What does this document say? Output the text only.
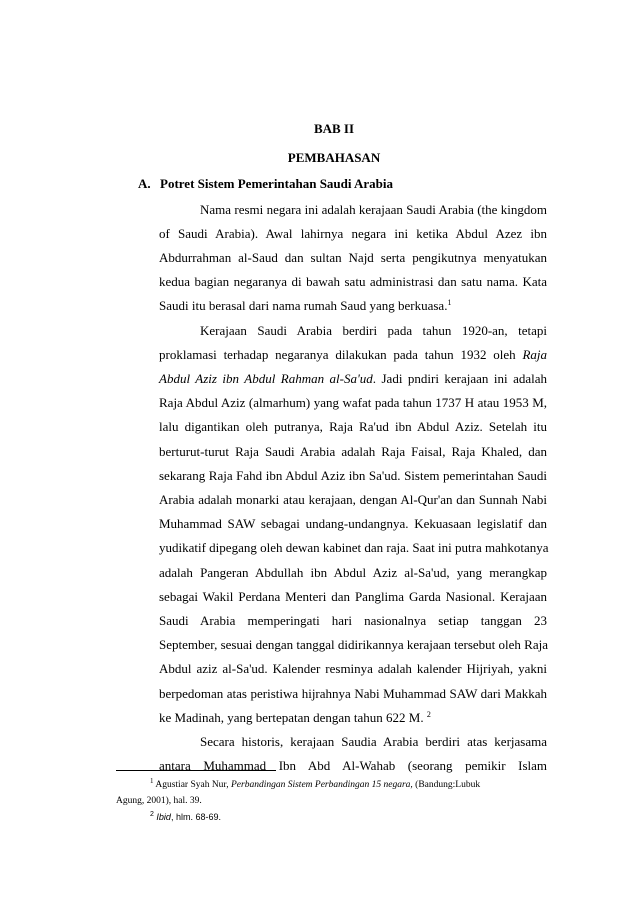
BAB II
PEMBAHASAN
A. Potret Sistem Pemerintahan Saudi Arabia
Nama resmi negara ini adalah kerajaan Saudi Arabia (the kingdom
of Saudi Arabia). Awal lahirnya negara ini ketika Abdul Azez ibn
Abdurrahman al-Saud dan sultan Najd serta pengikutnya menyatukan
kedua bagian negaranya di bawah satu administrasi dan satu nama. Kata
Saudi itu berasal dari nama rumah Saud yang berkuasa.$^1$
Kerajaan Saudi Arabia berdiri pada tahun 1920-an, tetapi
proklamasi terhadap negaranya dilakukan pada tahun 1932 oleh Raja
Abdul Aziz ibn Abdul Rahman al-Sa'ud. Jadi pndiri kerajaan ini adalah
Raja Abdul Aziz (almarhum) yang wafat pada tahun 1737 H atau 1953 M,
lalu digantikan oleh putranya, Raja Ra'ud ibn Abdul Aziz. Setelah itu
berturut-turut Raja Saudi Arabia adalah Raja Faisal, Raja Khaled, dan
sekarang Raja Fahd ibn Abdul Aziz ibn Sa'ud. Sistem pemerintahan Saudi
Arabia adalah monarki atau kerajaan, dengan Al-Qur'an dan Sunnah Nabi
Muhammad SAW sebagai undang-undangnya. Kekuasaan legislatif dan
yudikatif dipegang oleh dewan kabinet dan raja. Saat ini putra mahkotanya
adalah Pangeran Abdullah ibn Abdul Aziz al-Sa'ud, yang merangkap
sebagai Wakil Perdana Menteri dan Panglima Garda Nasional. Kerajaan
Saudi Arabia memperingati hari nasionalnya setiap tanggan 23
September, sesuai dengan tanggal didirikannya kerajaan tersebut oleh Raja
Abdul aziz al-Sa'ud. Kalender resminya adalah kalender Hijriyah, yakni
berpedoman atas peristiwa hijrahnya Nabi Muhammad SAW dari Makkah
ke Madinah, yang bertepatan dengan tahun 622 M. $^2$
Secara historis, kerajaan Saudia Arabia berdiri atas kerjasama
antara Muhammad Ibn Abd Al-Wahab (seorang pemikir Islam
$^1$ Agustiar Syah Nur, Perbandingan Sistem Perbandingan 15 negara, (Bandung:Lubuk
Agung, 2001), hal. 39.
$^2$ Ibid, hlm. 68-69.
